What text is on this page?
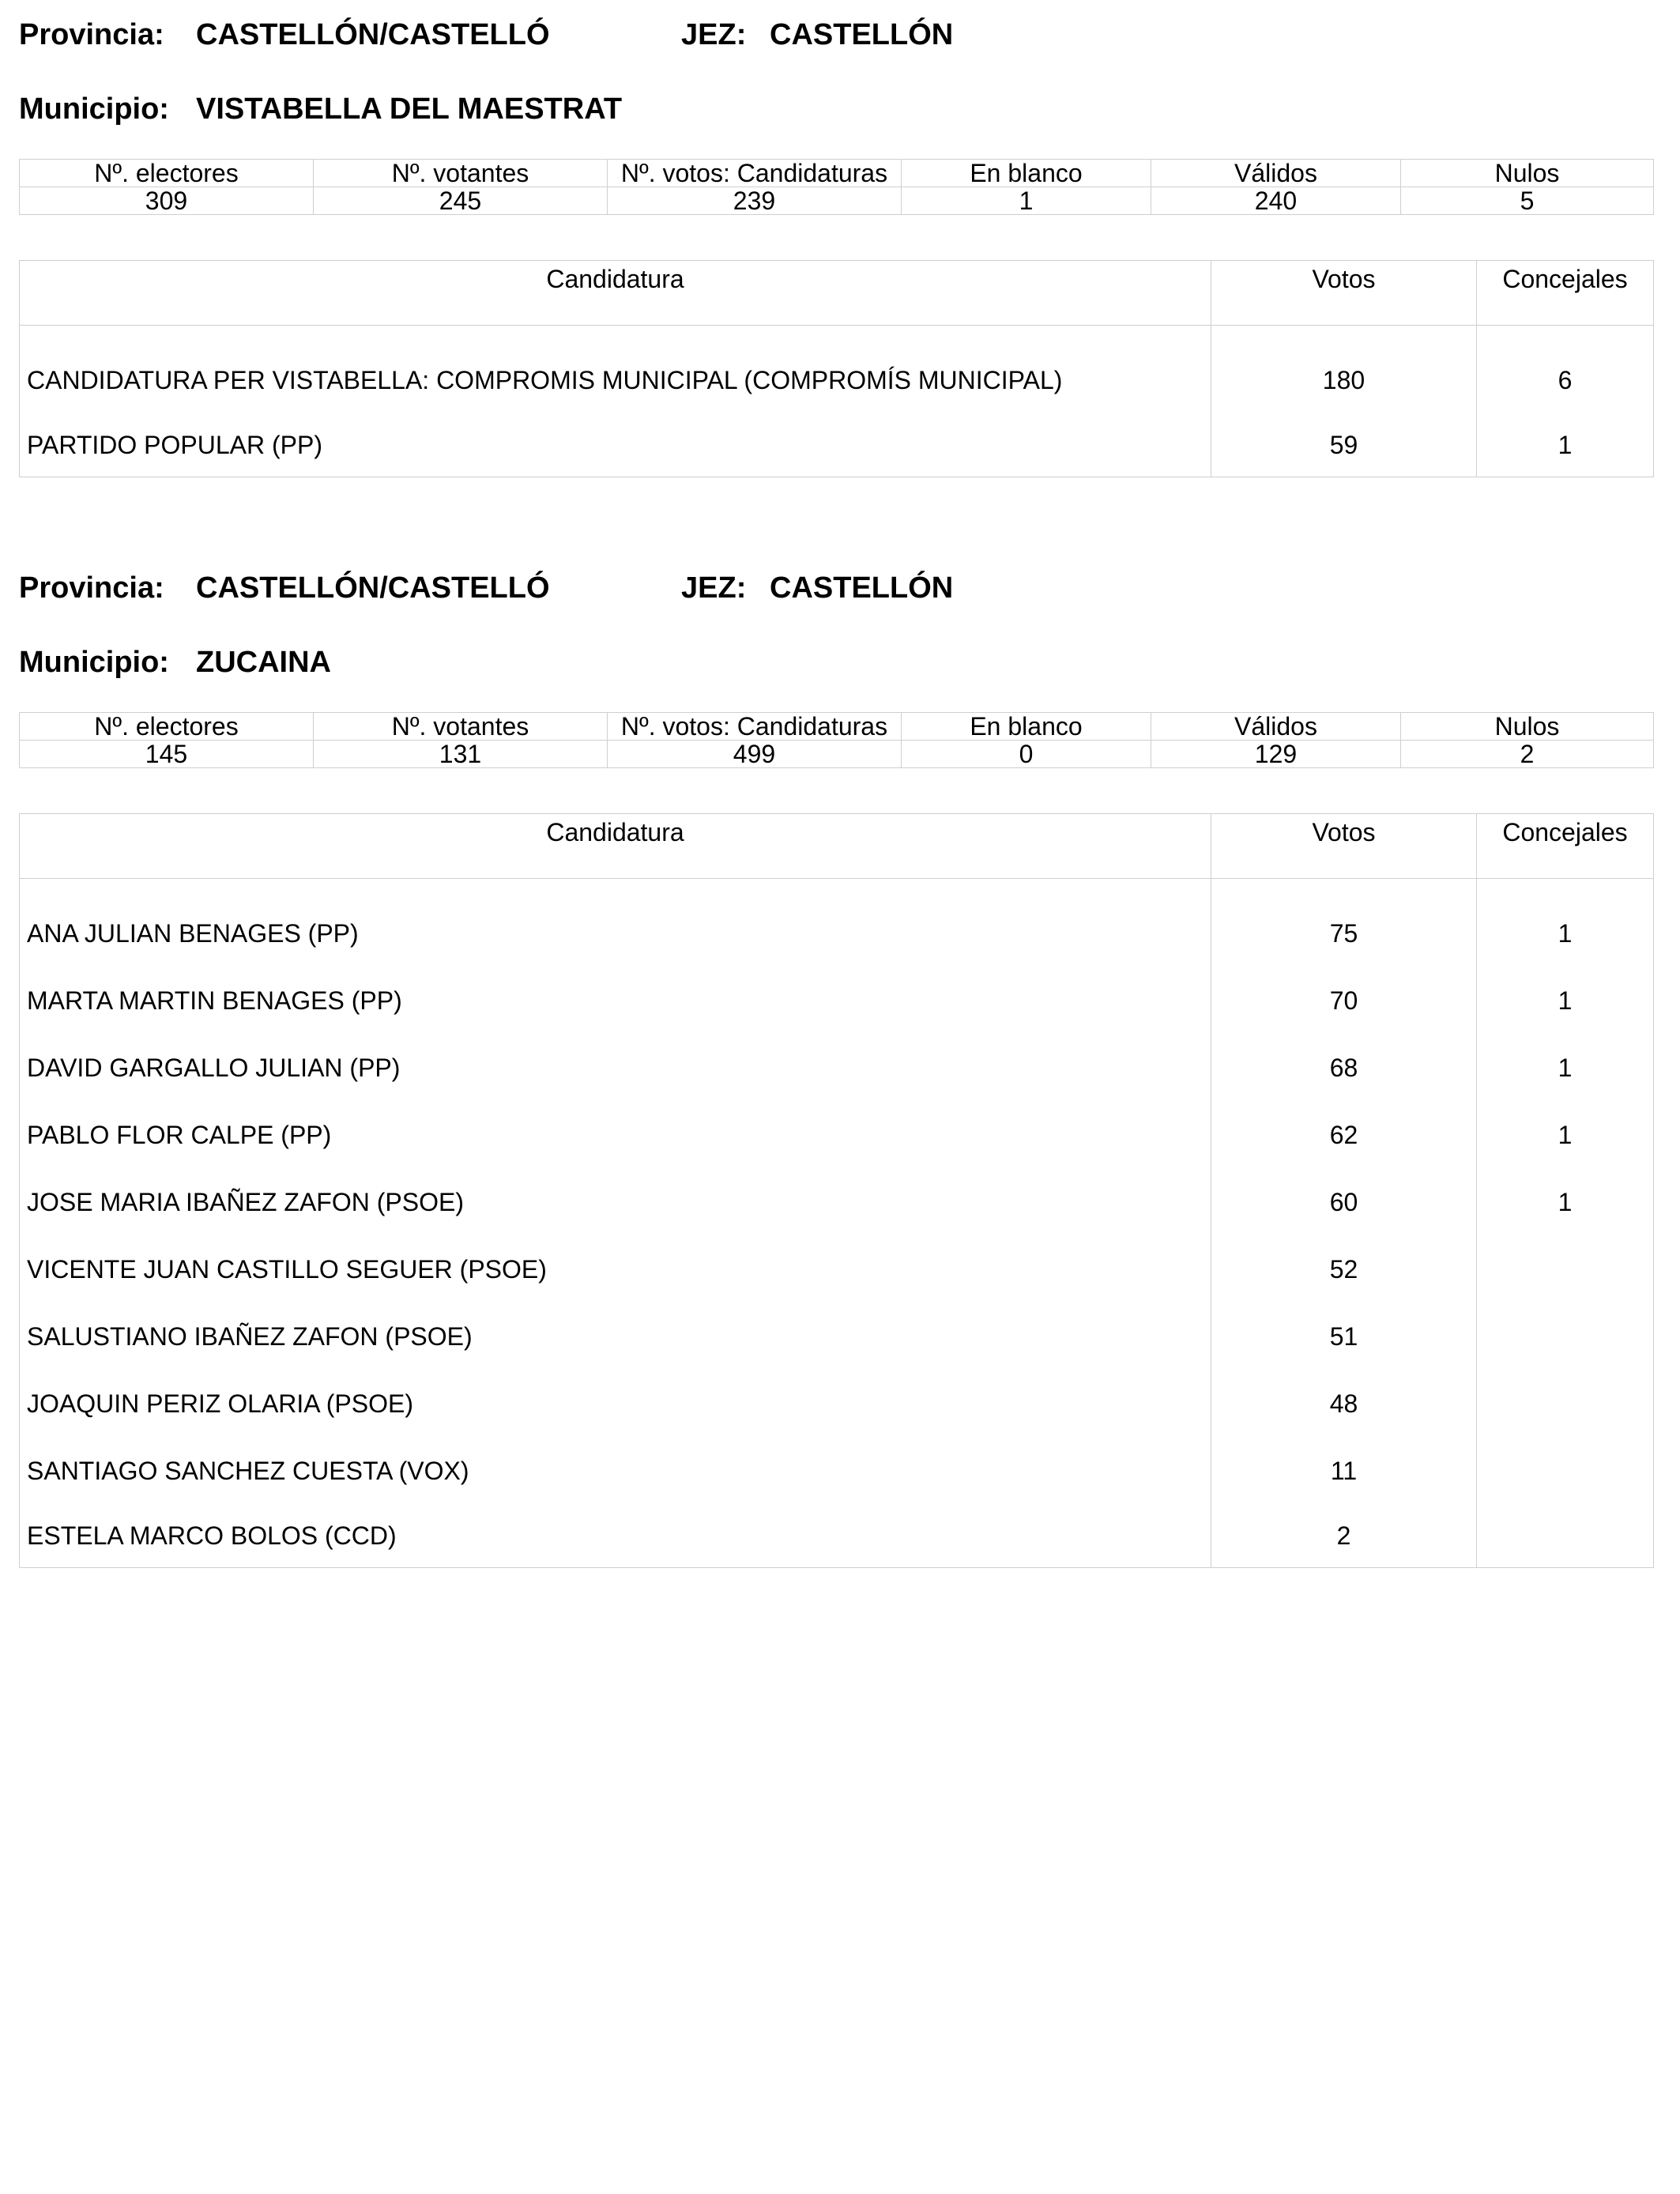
Provincia: CASTELLÓN/CASTELLÓ	JEZ: CASTELLÓN
Municipio: VISTABELLA DEL MAESTRAT
Nº. electores	Nº. votantes	Nº. votos: Candidaturas	En blanco	Válidos	Nulos
309	245	239	1	240	5
Candidatura	Votos	Concejales
CANDIDATURA PER VISTABELLA: COMPROMIS MUNICIPAL (COMPROMÍS MUNICIPAL)	180	6
PARTIDO POPULAR (PP)	59	1
Provincia: CASTELLÓN/CASTELLÓ	JEZ: CASTELLÓN
Municipio: ZUCAINA
Nº. electores	Nº. votantes	Nº. votos: Candidaturas	En blanco	Válidos	Nulos
145	131	499	0	129	2
Candidatura	Votos	Concejales
ANA JULIAN BENAGES (PP)	75	1
MARTA MARTIN BENAGES (PP)	70	1
DAVID GARGALLO JULIAN (PP)	68	1
PABLO FLOR CALPE (PP)	62	1
JOSE MARIA IBAÑEZ ZAFON (PSOE)	60	1
VICENTE JUAN CASTILLO SEGUER (PSOE)	52	
SALUSTIANO IBAÑEZ ZAFON (PSOE)	51	
JOAQUIN PERIZ OLARIA (PSOE)	48	
SANTIAGO SANCHEZ CUESTA (VOX)	11	
ESTELA MARCO BOLOS (CCD)	2	
